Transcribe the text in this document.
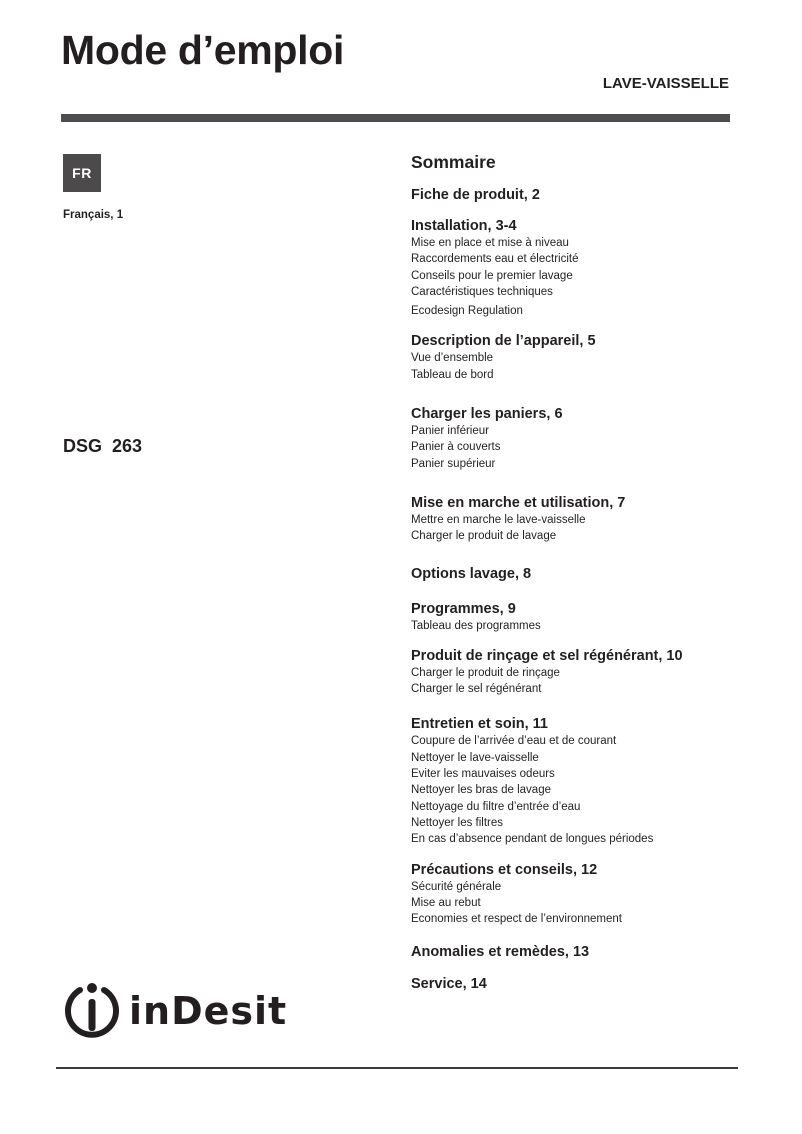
Mode d’emploi
LAVE-VAISSELLE
FR
Français, 1
DSG  263
Sommaire
Fiche de produit, 2
Installation, 3-4
Mise en place et mise à niveau
Raccordements eau et électricité
Conseils pour le premier lavage
Caractéristiques techniques
Ecodesign Regulation
Description de l’appareil, 5
Vue d’ensemble
Tableau de bord
Charger les paniers, 6
Panier inférieur
Panier à couverts
Panier supérieur
Mise en marche et utilisation, 7
Mettre en marche le lave-vaisselle
Charger le produit de lavage
Options lavage, 8
Programmes, 9
Tableau des programmes
Produit de rinçage et sel régénérant, 10
Charger le produit de rinçage
Charger le sel régénérant
Entretien et soin, 11
Coupure de l’arrivée d’eau et de courant
Nettoyer le lave-vaisselle
Eviter les mauvaises odeurs
Nettoyer les bras de lavage
Nettoyage du filtre d’entrée d’eau
Nettoyer les filtres
En cas d’absence pendant de longues périodes
Précautions et conseils, 12
Sécurité générale
Mise au rebut
Economies et respect de l’environnement
Anomalies et remèdes, 13
Service, 14
inDesit
